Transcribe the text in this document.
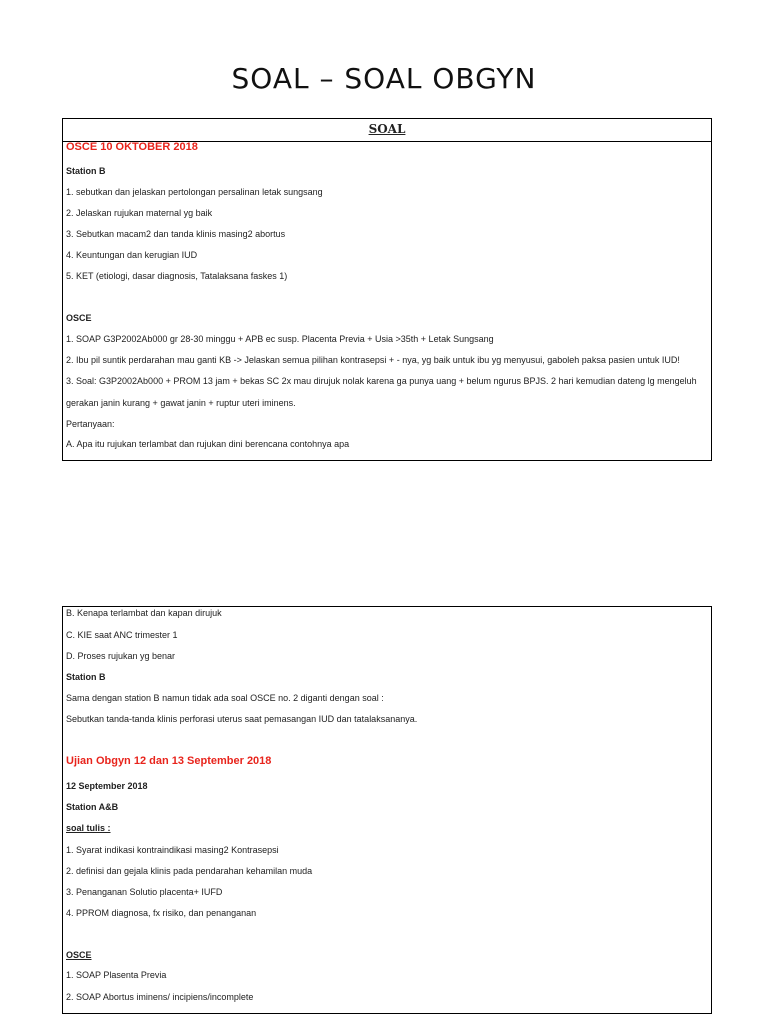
SOAL – SOAL OBGYN
SOAL
OSCE 10 OKTOBER 2018
Station B
1. sebutkan dan jelaskan pertolongan persalinan letak sungsang
2. Jelaskan rujukan maternal yg baik
3. Sebutkan macam2 dan tanda klinis masing2 abortus
4. Keuntungan dan kerugian IUD
5. KET (etiologi, dasar diagnosis, Tatalaksana faskes 1)
OSCE
1. SOAP G3P2002Ab000 gr 28-30 minggu + APB ec susp. Placenta Previa + Usia >35th + Letak Sungsang
2. Ibu pil suntik perdarahan mau ganti KB -> Jelaskan semua pilihan kontrasepsi + - nya, yg baik untuk ibu yg menyusui, gaboleh paksa pasien untuk IUD!
3. Soal: G3P2002Ab000 + PROM 13 jam + bekas SC 2x mau dirujuk nolak karena ga punya uang + belum ngurus BPJS. 2 hari kemudian dateng lg mengeluh
gerakan janin kurang + gawat janin + ruptur uteri iminens.
Pertanyaan:
A. Apa itu rujukan terlambat dan rujukan dini berencana contohnya apa
B. Kenapa terlambat dan kapan dirujuk
C. KIE saat ANC trimester 1
D. Proses rujukan yg benar
Station B
Sama dengan station B namun tidak ada soal OSCE no. 2 diganti dengan soal :
Sebutkan tanda-tanda klinis perforasi uterus saat pemasangan IUD dan tatalaksananya.
Ujian Obgyn 12 dan 13 September 2018
12 September 2018
Station A&B
soal tulis :
1. Syarat indikasi kontraindikasi masing2 Kontrasepsi
2. definisi dan gejala klinis pada pendarahan kehamilan muda
3. Penanganan Solutio placenta+ IUFD
4. PPROM diagnosa, fx risiko, dan penanganan
OSCE
1. SOAP Plasenta Previa
2. SOAP Abortus iminens/ incipiens/incomplete
